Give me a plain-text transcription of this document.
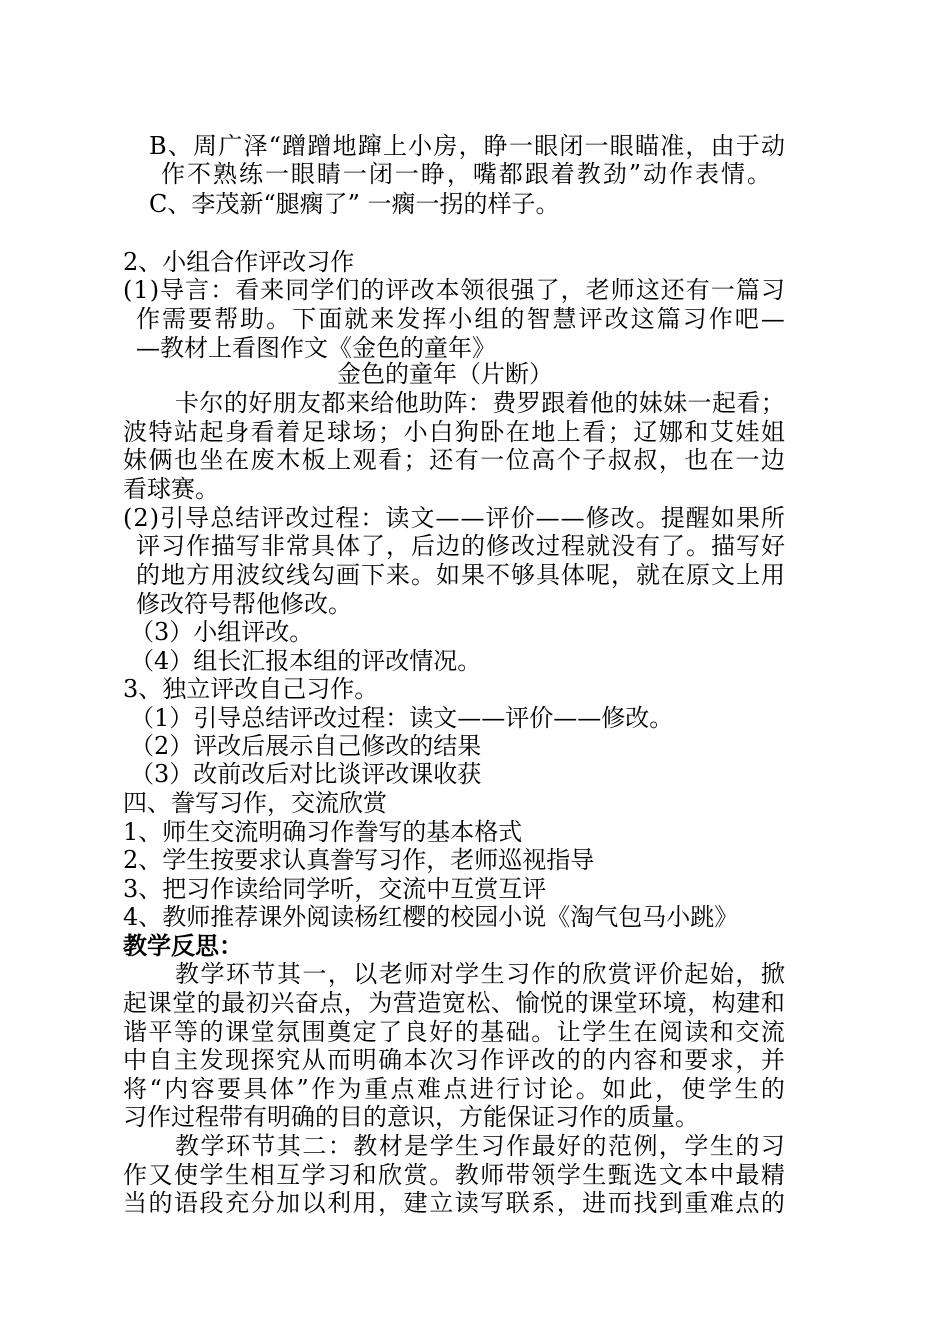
B 、 周 广 泽 “ 蹭 蹭 地 蹿 上 小 房 ， 睁 一 眼 闭 一 眼 瞄 准 ， 由 于 动
作 不 熟 练 一 眼 睛 一 闭 一 睁 ， 嘴 都 跟 着 教 劲 ” 动 作 表 情 。
C、李茂新“腿瘸了” 一瘸一拐的样子。
2、小组合作评改习作
( 1 ) 导 言 ： 看 来 同 学 们 的 评 改 本 领 很 强 了 ， 老 师 这 还 有 一 篇 习
作 需 要 帮 助 。 下 面 就 来 发 挥 小 组 的 智 慧 评 改 这 篇 习 作 吧 —
—教材上看图作文《金色的童年》
金色的童年（片断）
卡 尔 的 好 朋 友 都 来 给 他 助 阵 ： 费 罗 跟 着 他 的 妹 妹 一 起 看 ；
波 特 站 起 身 看 着 足 球 场 ； 小 白 狗 卧 在 地 上 看 ； 辽 娜 和 艾 娃 姐
妹 俩 也 坐 在 废 木 板 上 观 看 ； 还 有 一 位 高 个 子 叔 叔 ， 也 在 一 边
看球赛。
( 2 ) 引 导 总 结 评 改 过 程 ： 读 文 — — 评 价 — — 修 改 。 提 醒 如 果 所
评 习 作 描 写 非 常 具 体 了 ， 后 边 的 修 改 过 程 就 没 有 了 。 描 写 好
的 地 方 用 波 纹 线 勾 画 下 来 。 如 果 不 够 具 体 呢 ， 就 在 原 文 上 用
修改符号帮他修改。
（3）小组评改。
（4）组长汇报本组的评改情况。
3、独立评改自己习作。
（1）引导总结评改过程：读文——评价——修改。
（2）评改后展示自己修改的结果
（3）改前改后对比谈评改课收获
四、誊写习作，交流欣赏
1、师生交流明确习作誊写的基本格式
2、学生按要求认真誊写习作，老师巡视指导
3、把习作读给同学听，交流中互赏互评
4、教师推荐课外阅读杨红樱的校园小说《淘气包马小跳》
教学反思：
教 学 环 节 其 一 ， 以 老 师 对 学 生 习 作 的 欣 赏 评 价 起 始 ， 掀
起 课 堂 的 最 初 兴 奋 点 ， 为 营 造 宽 松 、 愉 悦 的 课 堂 环 境 ， 构 建 和
谐 平 等 的 课 堂 氛 围 奠 定 了 良 好 的 基 础 。 让 学 生 在 阅 读 和 交 流
中 自 主 发 现 探 究 从 而 明 确 本 次 习 作 评 改 的 的 内 容 和 要 求 ， 并
将 “ 内 容 要 具 体 ” 作 为 重 点 难 点 进 行 讨 论 。 如 此 ， 使 学 生 的
习作过程带有明确的目的意识，方能保证习作的质量。
教 学 环 节 其 二 ： 教 材 是 学 生 习 作 最 好 的 范 例 ， 学 生 的 习
作 又 使 学 生 相 互 学 习 和 欣 赏 。 教 师 带 领 学 生 甄 选 文 本 中 最 精
当 的 语 段 充 分 加 以 利 用 ， 建 立 读 写 联 系 ， 进 而 找 到 重 难 点 的
